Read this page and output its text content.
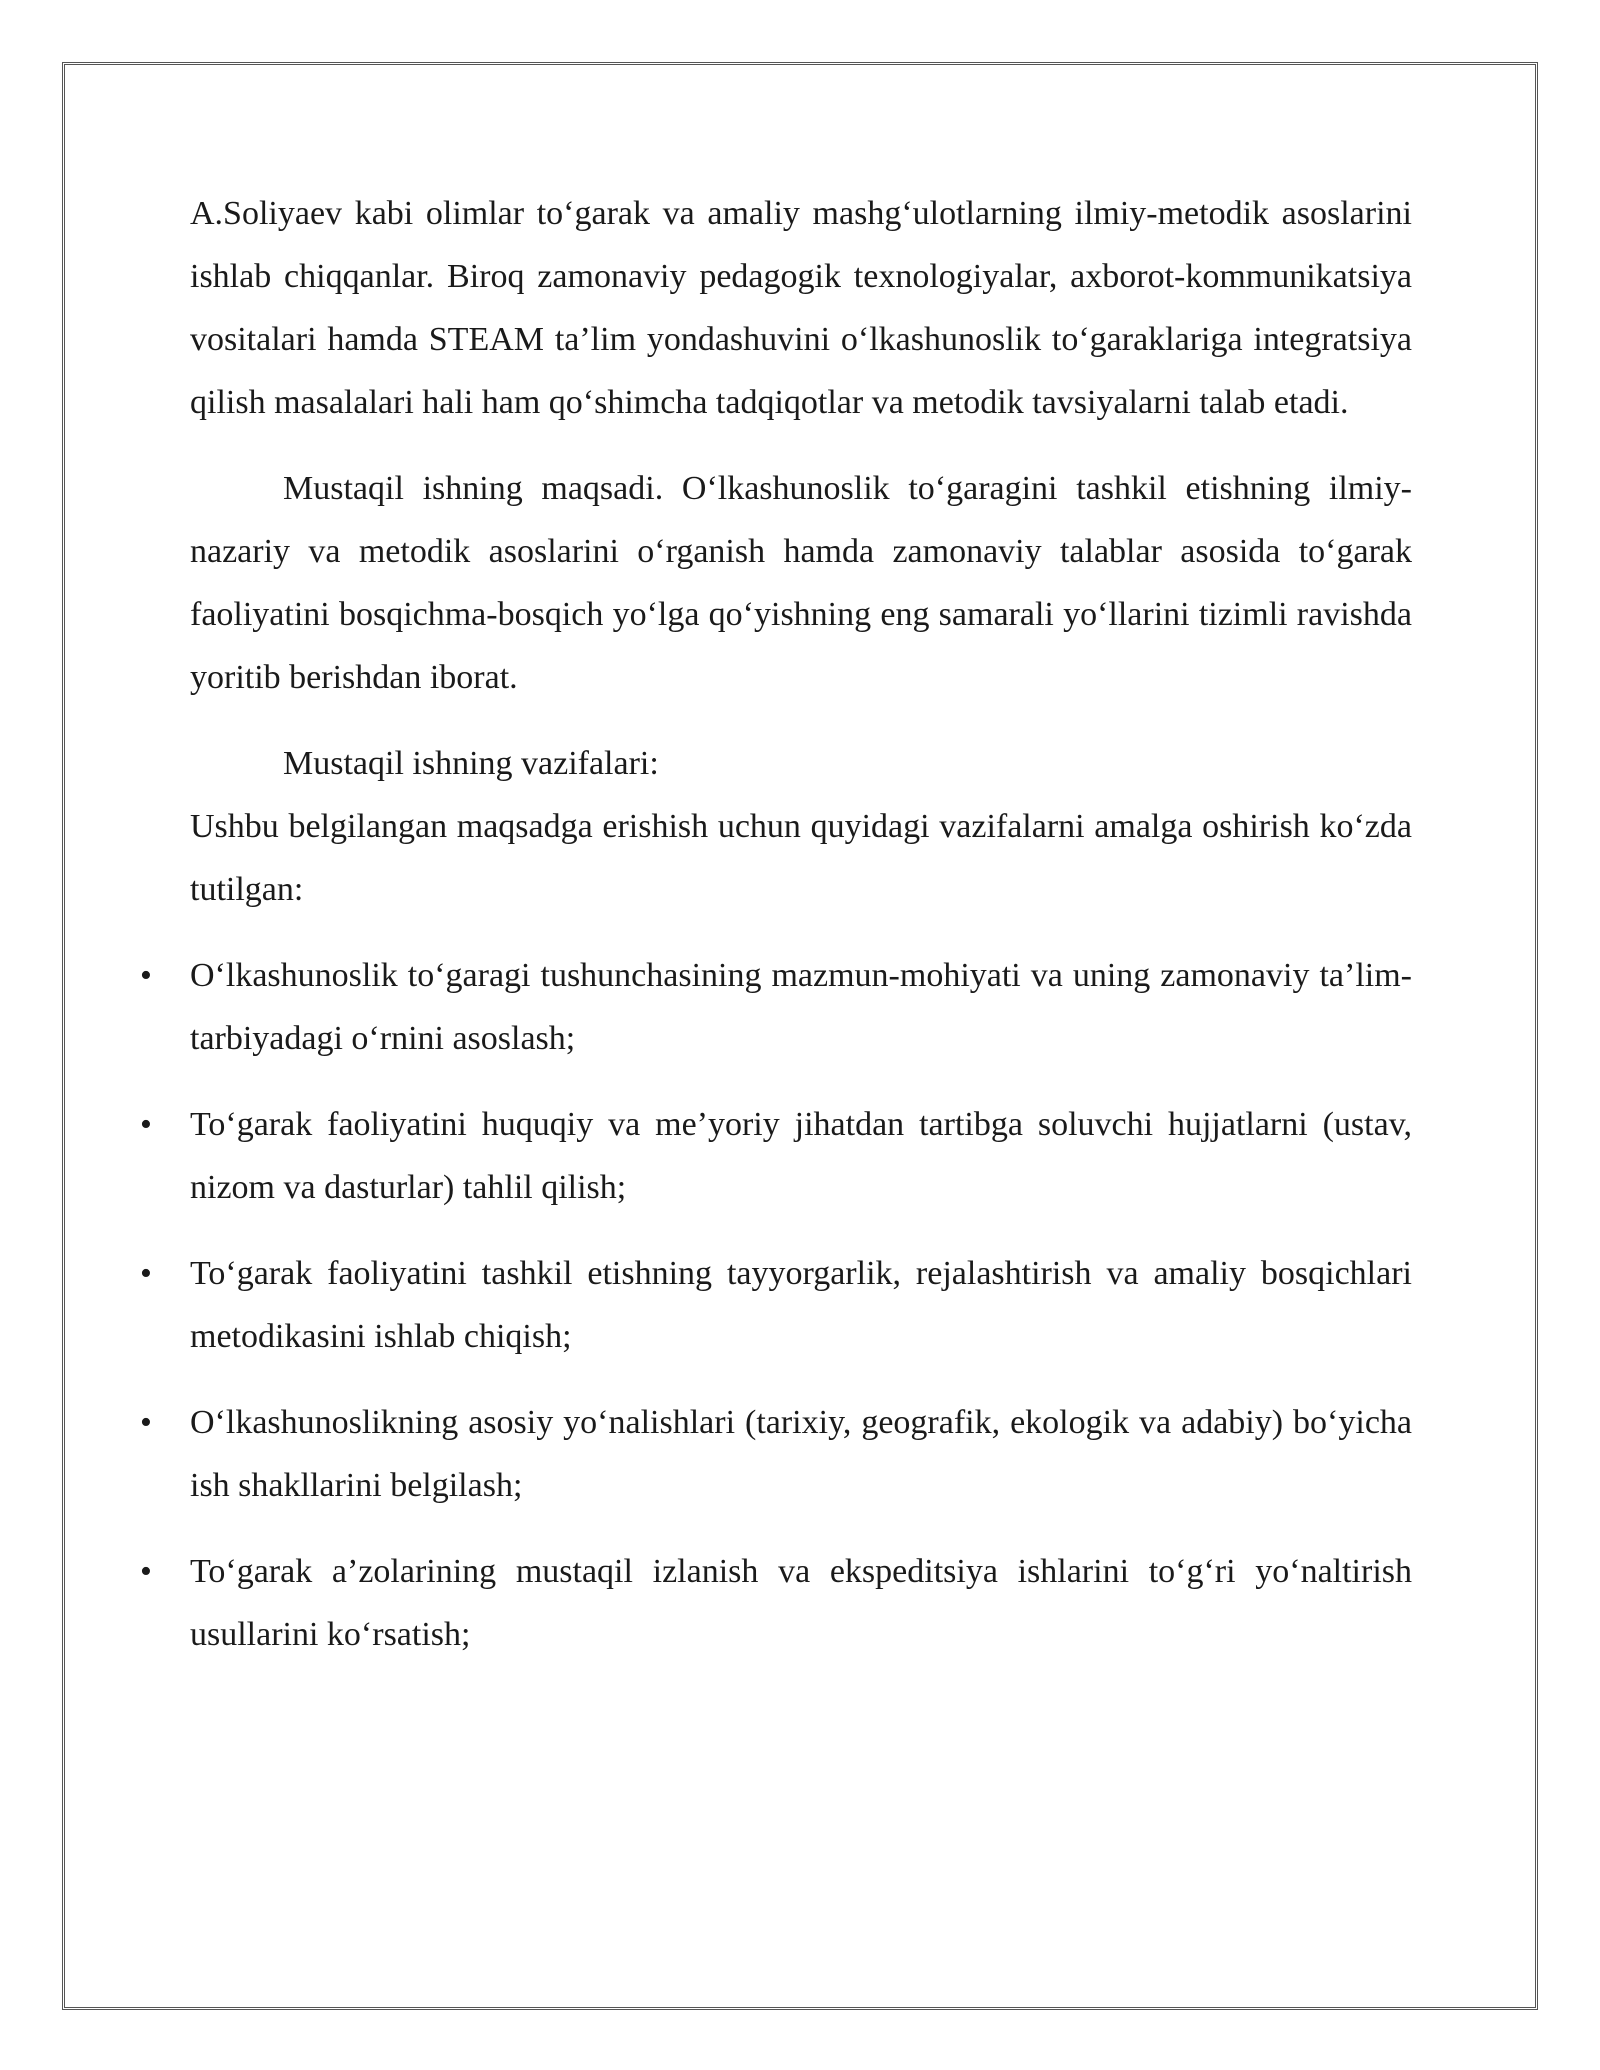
A.Soliyaev kabi olimlar to‘garak va amaliy mashg‘ulotlarning ilmiy-metodik asoslarini ishlab chiqqanlar. Biroq zamonaviy pedagogik texnologiyalar, axborot-kommunikatsiya vositalari hamda STEAM ta’lim yondashuvini o‘lkashunoslik to‘garaklariga integratsiya qilish masalalari hali ham qo‘shimcha tadqiqotlar va metodik tavsiyalarni talab etadi.

Mustaqil ishning maqsadi. O‘lkashunoslik to‘garagini tashkil etishning ilmiy-nazariy va metodik asoslarini o‘rganish hamda zamonaviy talablar asosida to‘garak faoliyatini bosqichma-bosqich yo‘lga qo‘yishning eng samarali yo‘llarini tizimli ravishda yoritib berishdan iborat.

Mustaqil ishning vazifalari:

Ushbu belgilangan maqsadga erishish uchun quyidagi vazifalarni amalga oshirish ko‘zda tutilgan:

• O‘lkashunoslik to‘garagi tushunchasining mazmun-mohiyati va uning zamonaviy ta’lim-tarbiyadagi o‘rnini asoslash;
• To‘garak faoliyatini huquqiy va me’yoriy jihatdan tartibga soluvchi hujjatlarni (ustav, nizom va dasturlar) tahlil qilish;
• To‘garak faoliyatini tashkil etishning tayyorgarlik, rejalashtirish va amaliy bosqichlari metodikasini ishlab chiqish;
• O‘lkashunoslikning asosiy yo‘nalishlari (tarixiy, geografik, ekologik va adabiy) bo‘yicha ish shakllarini belgilash;
• To‘garak a’zolarining mustaqil izlanish va ekspeditsiya ishlarini to‘g‘ri yo‘naltirish usullarini ko‘rsatish;
